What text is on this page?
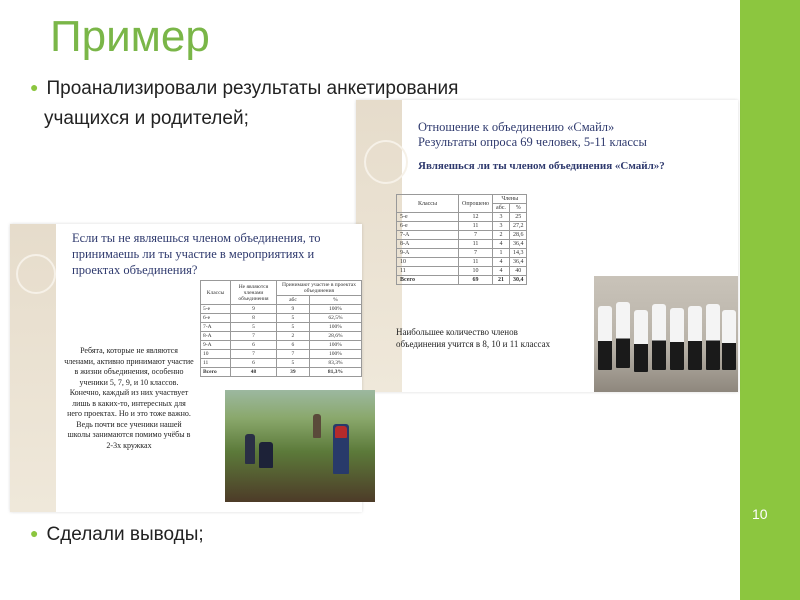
10
Пример
● Проанализировали результаты анкетирования
учащихся и родителей;	Отношение к объединению «Смайл»
Результаты опроса 69 человек, 5-11 классы
Являешься ли ты членом объединения «Смайл»?
Классы	Опрошено	Члены	
		абс.	%
5-е	12	3	25
6-е	11	3	27,2
7-А	7	2	28,6
8-А	11	4	36,4
9-А	7	1	14,3
10	11	4	36,4
11	10	4	40
Всего	69	21	30,4
Наибольшее количество членов
объединения учится в 8, 10 и 11 классах
Если ты не являешься членом объединения, то принимаешь ли ты участие в мероприятиях и проектах объединения?
Классы	Не являются членами объединения	Принимают участие в проектах объединения	
		абс	%
5-е	9	9	100%
6-е	8	5	62,5%
7-А	5	5	100%
8-А	7	2	28,6%
9-А	6	6	100%
10	7	7	100%
11	6	5	83,3%
Всего	48	39	81,3%
Ребята, которые не являются членами, активно принимают участие в жизни объединения, особенно ученики 5, 7, 9, и 10 классов. Конечно, каждый из них участвует лишь в каких-то, интересных для него проектах. Но и это тоже важно. Ведь почти все ученики нашей школы занимаются помимо учёбы в 2-3х кружках
● Сделали выводы;
